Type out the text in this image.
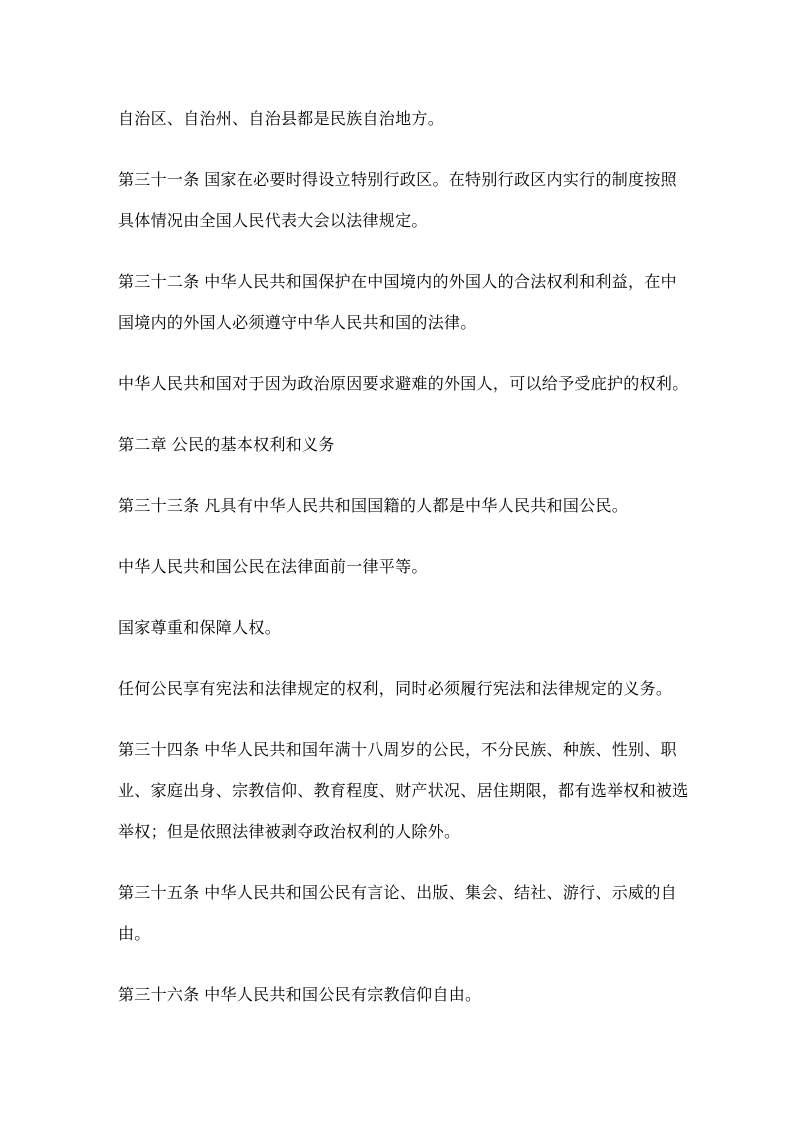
自治区、自治州、自治县都是民族自治地方。
第三十一条 国家在必要时得设立特别行政区。在特别行政区内实行的制度按照
具体情况由全国人民代表大会以法律规定。
第三十二条 中华人民共和国保护在中国境内的外国人的合法权利和利益，在中
国境内的外国人必须遵守中华人民共和国的法律。
中华人民共和国对于因为政治原因要求避难的外国人，可以给予受庇护的权利。
第二章 公民的基本权利和义务
第三十三条 凡具有中华人民共和国国籍的人都是中华人民共和国公民。
中华人民共和国公民在法律面前一律平等。
国家尊重和保障人权。
任何公民享有宪法和法律规定的权利，同时必须履行宪法和法律规定的义务。
第三十四条 中华人民共和国年满十八周岁的公民，不分民族、种族、性别、职
业、家庭出身、宗教信仰、教育程度、财产状况、居住期限，都有选举权和被选
举权；但是依照法律被剥夺政治权利的人除外。
第三十五条 中华人民共和国公民有言论、出版、集会、结社、游行、示威的自
由。
第三十六条 中华人民共和国公民有宗教信仰自由。
